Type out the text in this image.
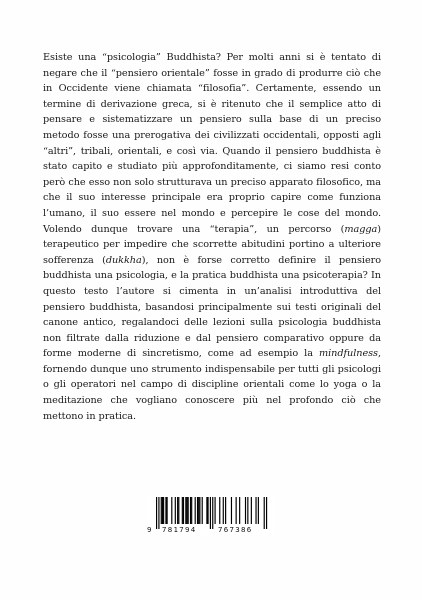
Esiste una “psicologia” Buddhista? Per molti anni si è tentato di negare che il “pensiero orientale” fosse in grado di produrre ciò che in Occidente viene chiamata “filosofia”. Certamente, essendo un termine di derivazione greca, si è ritenuto che il semplice atto di pensare e sistematizzare un pensiero sulla base di un preciso metodo fosse una prerogativa dei civilizzati occidentali, opposti agli “altri”, tribali, orientali, e così via. Quando il pensiero buddhista è stato capito e studiato più approfonditamente, ci siamo resi conto però che esso non solo strutturava un preciso apparato filosofico, ma che il suo interesse principale era proprio capire come funziona l’umano, il suo essere nel mondo e percepire le cose del mondo. Volendo dunque trovare una “terapia”, un percorso (magga) terapeutico per impedire che scorrette abitudini portino a ulteriore sofferenza (dukkha), non è forse corretto definire il pensiero buddhista una psicologia, e la pratica buddhista una psicoterapia? In questo testo l’autore si cimenta in un’analisi introduttiva del pensiero buddhista, basandosi principalmente sui testi originali del canone antico, regalandoci delle lezioni sulla psicologia buddhista non filtrate dalla riduzione e dal pensiero comparativo oppure da forme moderne di sincretismo, come ad esempio la mindfulness, fornendo dunque uno strumento indispensabile per tutti gli psicologi o gli operatori nel campo di discipline orientali come lo yoga o la meditazione che vogliano conoscere più nel profondo ciò che mettono in pratica.

9 781794	767386
